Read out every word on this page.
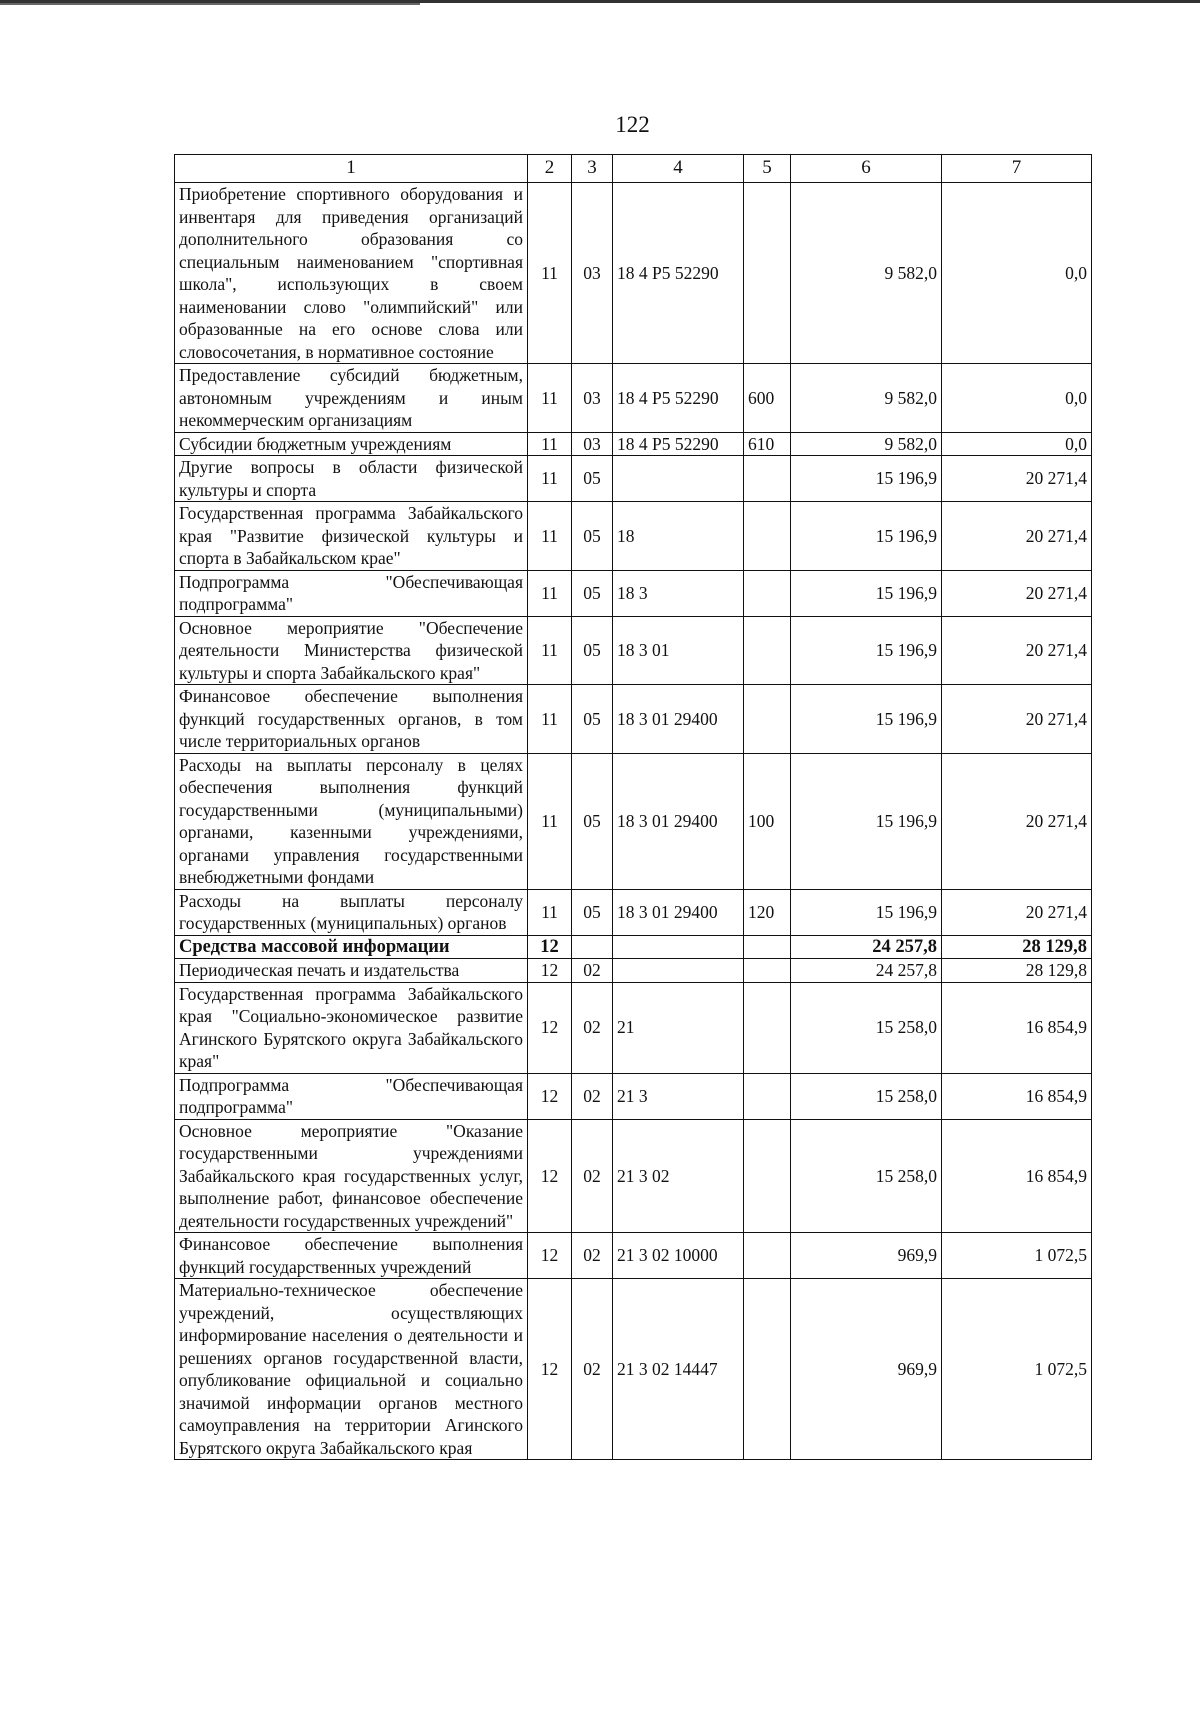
122
1	2	3	4	5	6	7
Приобретение спортивного оборудования и инвентаря для приведения организаций дополнительного образования со специальным наименованием "спортивная школа", использующих в своем наименовании слово "олимпийский" или образованные на его основе слова или словосочетания, в нормативное состояние	11	03	18 4 P5 52290		9 582,0	0,0
Предоставление субсидий бюджетным, автономным учреждениям и иным некоммерческим организациям	11	03	18 4 P5 52290	600	9 582,0	0,0
Субсидии бюджетным учреждениям	11	03	18 4 P5 52290	610	9 582,0	0,0
Другие вопросы в области физической культуры и спорта	11	05			15 196,9	20 271,4
Государственная программа Забайкальского края "Развитие физической культуры и спорта в Забайкальском крае"	11	05	18		15 196,9	20 271,4
Подпрограмма "Обеспечивающая подпрограмма"	11	05	18 3		15 196,9	20 271,4
Основное мероприятие "Обеспечение деятельности Министерства физической культуры и спорта Забайкальского края"	11	05	18 3 01		15 196,9	20 271,4
Финансовое обеспечение выполнения функций государственных органов, в том числе территориальных органов	11	05	18 3 01 29400		15 196,9	20 271,4
Расходы на выплаты персоналу в целях обеспечения выполнения функций государственными (муниципальными) органами, казенными учреждениями, органами управления государственными внебюджетными фондами	11	05	18 3 01 29400	100	15 196,9	20 271,4
Расходы на выплаты персоналу государственных (муниципальных) органов	11	05	18 3 01 29400	120	15 196,9	20 271,4
Средства массовой информации	12				24 257,8	28 129,8
Периодическая печать и издательства	12	02			24 257,8	28 129,8
Государственная программа Забайкальского края "Социально-экономическое развитие Агинского Бурятского округа Забайкальского края"	12	02	21		15 258,0	16 854,9
Подпрограмма "Обеспечивающая подпрограмма"	12	02	21 3		15 258,0	16 854,9
Основное мероприятие "Оказание государственными учреждениями Забайкальского края государственных услуг, выполнение работ, финансовое обеспечение деятельности государственных учреждений"	12	02	21 3 02		15 258,0	16 854,9
Финансовое обеспечение выполнения функций государственных учреждений	12	02	21 3 02 10000		969,9	1 072,5
Материально-техническое обеспечение учреждений, осуществляющих информирование населения о деятельности и решениях органов государственной власти, опубликование официальной и социально значимой информации органов местного самоуправления на территории Агинского Бурятского округа Забайкальского края	12	02	21 3 02 14447		969,9	1 072,5
